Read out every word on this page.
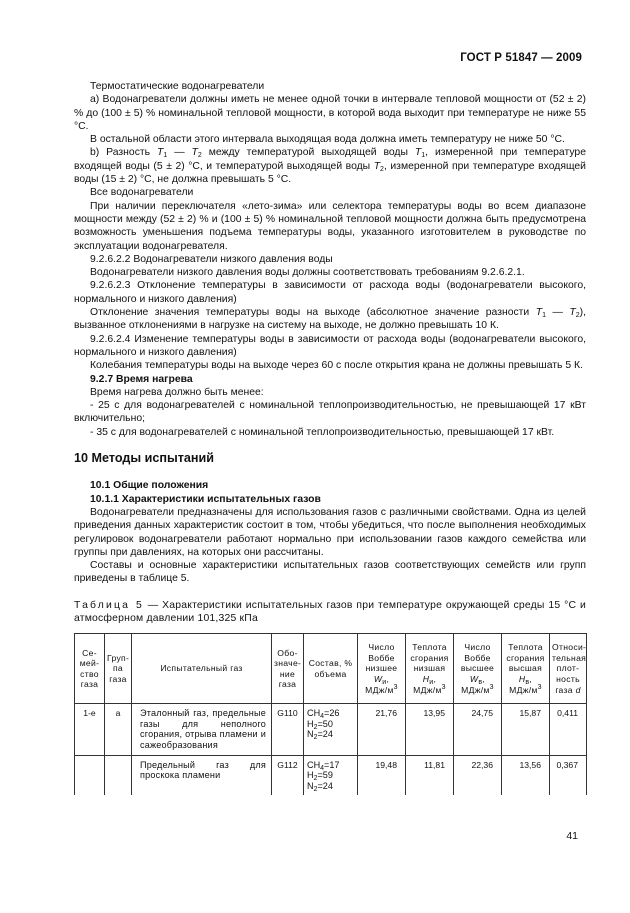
ГОСТ Р 51847 — 2009

Термостатические водонагреватели

а) Водонагреватели должны иметь не менее одной точки в интервале тепловой мощности от (52 ± 2) % до (100 ± 5) % номинальной тепловой мощности, в которой вода выходит при температуре не ниже 55 °С.

В остальной области этого интервала выходящая вода должна иметь температуру не ниже 50 °С.

b) Разность $T_1$ — $T_2$ между температурой выходящей воды $T_1$, измеренной при температуре входящей воды (5 ± 2) °С, и температурой выходящей воды $T_2$, измеренной при температуре входящей воды (15 ± 2) °С, не должна превышать 5 °С.

Все водонагреватели

При наличии переключателя «лето-зима» или селектора температуры воды во всем диапазоне мощности между (52 ± 2) % и (100 ± 5) % номинальной тепловой мощности должна быть предусмотрена возможность уменьшения подъема температуры воды, указанного изготовителем в руководстве по эксплуатации водонагревателя.

9.2.6.2.2 Водонагреватели низкого давления воды

Водонагреватели низкого давления воды должны соответствовать требованиям 9.2.6.2.1.

9.2.6.2.3 Отклонение температуры в зависимости от расхода воды (водонагреватели высокого, нормального и низкого давления)

Отклонение значения температуры воды на выходе (абсолютное значение разности $T_1$ — $T_2$), вызванное отклонениями в нагрузке на систему на выходе, не должно превышать 10 К.

9.2.6.2.4 Изменение температуры воды в зависимости от расхода воды (водонагреватели высокого, нормального и низкого давления)

Колебания температуры воды на выходе через 60 с после открытия крана не должны превышать 5 К.

9.2.7 Время нагрева

Время нагрева должно быть менее:

- 25 с для водонагревателей с номинальной теплопроизводительностью, не превышающей 17 кВт включительно;

- 35 с для водонагревателей с номинальной теплопроизводительностью, превышающей 17 кВт.

10 Методы испытаний

10.1 Общие положения

10.1.1 Характеристики испытательных газов

Водонагреватели предназначены для использования газов с различными свойствами. Одна из целей приведения данных характеристик состоит в том, чтобы убедиться, что после выполнения необходимых регулировок водонагреватели работают нормально при использовании газов каждого семейства или группы при давлениях, на которых они рассчитаны.

Составы и основные характеристики испытательных газов соответствующих семейств или групп приведены в таблице 5.

Таблица 5 — Характеристики испытательных газов при температуре окружающей среды 15 °С и атмосферном давлении 101,325 кПа

Се-мей-ство газа	Груп-па газа	Испытательный газ	Обо-значе-ние газа	Состав, % объема	Число Воббе низшее
$W_и$,
МДж/$м^3$	Теплота сгорания низшая
$H_и$,
МДж/$м^3$	Число Воббе высшее
$W_в$,
МДж/$м^3$	Теплота сгорания высшая
$H_в$,
МДж/$м^3$	Относи-тельная плот-ность газа d
1-е	a	Эталонный газ, предельные газы для неполного сгорания, отрыва пламени и сажеобразования	G110	$CH_4=26$
$H_2=50$
$N_2=24$	21,76	13,95	24,75	15,87	0,411
		Предельный газ для проскока пламени	G112	$CH_4=17$
$H_2=59$
$N_2=24$	19,48	11,81	22,36	13,56	0,367
41
